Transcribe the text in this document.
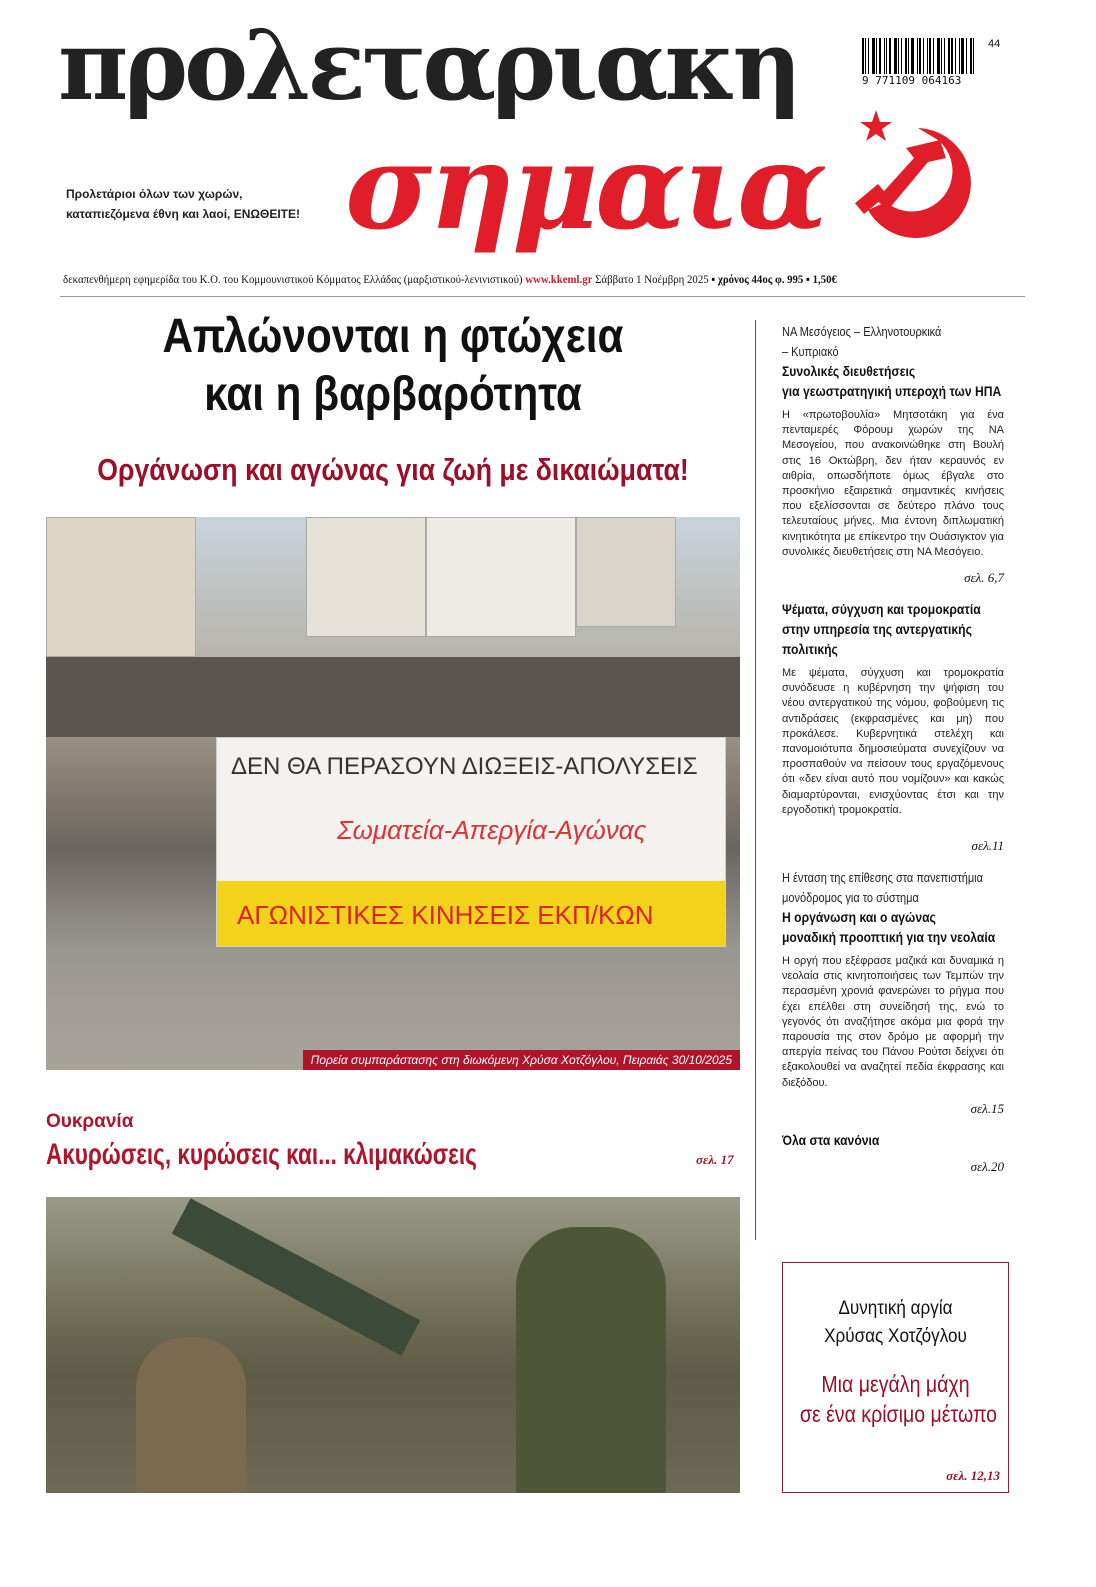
προλεταριακη
σημαια
Προλετάριοι όλων των χωρών,
καταπιεζόμενα έθνη και λαοί, ΕΝΩΘΕΙΤΕ!
9 771109 064163
44
δεκαπενθήμερη εφημερίδα του Κ.Ο. του Κομμουνιστικού Κόμματος Ελλάδας (μαρξιστικού-λενινιστικού) www.kkeml.gr Σάββατο 1 Νοέμβρη 2025 ▪ χρόνος 44ος φ. 995 ▪ 1,50€
Απλώνονται η φτώχεια
και η βαρβαρότητα
Οργάνωση και αγώνας για ζωή με δικαιώματα!
ΔΕΝ ΘΑ ΠΕΡΑΣΟΥΝ ΔΙΩΞΕΙΣ-ΑΠΟΛΥΣΕΙΣ
Σωματεία-Απεργία-Αγώνας
ΑΓΩΝΙΣΤΙΚΕΣ ΚΙΝΗΣΕΙΣ ΕΚΠ/ΚΩΝ
Πορεία συμπαράστασης στη διωκόμενη Χρύσα Χοτζόγλου, Πειραιάς 30/10/2025
Ουκρανία
Ακυρώσεις, κυρώσεις και... κλιμακώσεις	σελ. 17
ΝΑ Μεσόγειος – Ελληνοτουρκικά
– Κυπριακό
Συνολικές διευθετήσεις
για γεωστρατηγική υπεροχή των ΗΠΑ
Η «πρωτοβουλία» Μητσοτάκη για ένα πενταμερές Φόρουμ χωρών της ΝΑ Μεσογείου, που ανακοινώθηκε στη Βουλή στις 16 Οκτώβρη, δεν ήταν κεραυνός εν αιθρία, οπωσδήποτε όμως έβγαλε στο προσκήνιο εξαιρετικά σημαντικές κινήσεις που εξελίσσονται σε δεύτερο πλάνο τους τελευταίους μήνες. Μια έντονη διπλωματική κινητικότητα με επίκεντρο την Ουάσιγκτον για συνολικές διευθετήσεις στη ΝΑ Μεσόγειο.
σελ. 6,7
Ψέματα, σύγχυση και τρομοκρατία
στην υπηρεσία της αντεργατικής
πολιτικής
Με ψέματα, σύγχυση και τρομοκρατία συνόδευσε η κυβέρνηση την ψήφιση του νέου αντεργατικού της νόμου, φοβούμενη τις αντιδράσεις (εκφρασμένες και μη) που προκάλεσε. Κυβερνητικά στελέχη και πανομοιότυπα δημοσιεύματα συνεχίζουν να προσπαθούν να πείσουν τους εργαζόμενους ότι «δεν είναι αυτό που νομίζουν» και κακώς διαμαρτύρονται, ενισχύοντας έτσι και την εργοδοτική τρομοκρατία.
σελ.11
Η ένταση της επίθεσης στα πανεπιστήμια
μονόδρομος για το σύστημα
Η οργάνωση και ο αγώνας
μοναδική προοπτική για την νεολαία
Η οργή που εξέφρασε μαζικά και δυναμικά η νεολαία στις κινητοποιήσεις των Τεμπών την περασμένη χρονιά φανερώνει το ρήγμα που έχει επέλθει στη συνείδησή της, ενώ το γεγονός ότι αναζήτησε ακόμα μια φορά την παρουσία της στον δρόμο με αφορμή την απεργία πείνας του Πάνου Ρούτσι δείχνει ότι εξακολουθεί να αναζητεί πεδία έκφρασης και διεξόδου.
σελ.15
Όλα στα κανόνια
σελ.20
Δυνητική αργία
Χρύσας Χοτζόγλου
Μια μεγάλη μάχη
σε ένα κρίσιμο μέτωπο
σελ. 12,13
